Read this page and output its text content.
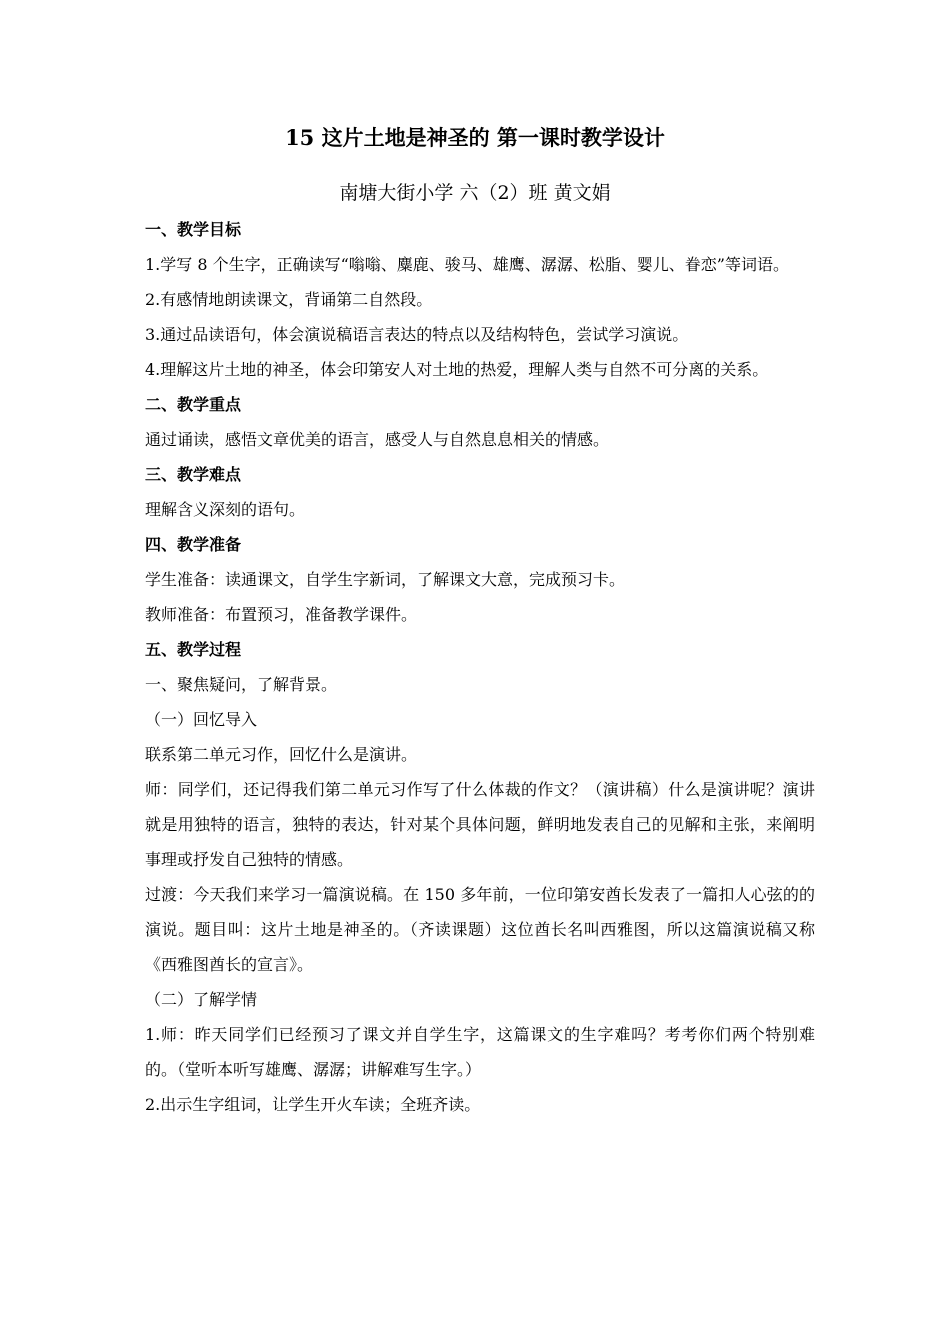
15 这片土地是神圣的 第一课时教学设计
南塘大街小学 六（2）班 黄文娟

一、教学目标

1.学写 8 个生字，正确读写“嗡嗡、麋鹿、骏马、雄鹰、潺潺、松脂、婴儿、眷恋”等词语。

2.有感情地朗读课文，背诵第二自然段。

3.通过品读语句，体会演说稿语言表达的特点以及结构特色，尝试学习演说。

4.理解这片土地的神圣，体会印第安人对土地的热爱，理解人类与自然不可分离的关系。

二、教学重点

通过诵读，感悟文章优美的语言，感受人与自然息息相关的情感。

三、教学难点

理解含义深刻的语句。

四、教学准备

学生准备：读通课文，自学生字新词，了解课文大意，完成预习卡。

教师准备：布置预习，准备教学课件。

五、教学过程

一、聚焦疑问，了解背景。

（一）回忆导入

联系第二单元习作，回忆什么是演讲。

师：同学们，还记得我们第二单元习作写了什么体裁的作文？（演讲稿）什么是演讲呢？演讲就是用独特的语言，独特的表达，针对某个具体问题，鲜明地发表自己的见解和主张，来阐明事理或抒发自己独特的情感。

过渡：今天我们来学习一篇演说稿。在 150 多年前，一位印第安酋长发表了一篇扣人心弦的的演说。题目叫：这片土地是神圣的。（齐读课题）这位酋长名叫西雅图，所以这篇演说稿又称《西雅图酋长的宣言》。

（二）了解学情

1.师：昨天同学们已经预习了课文并自学生字，这篇课文的生字难吗？考考你们两个特别难的。（堂听本听写雄鹰、潺潺；讲解难写生字。）

2.出示生字组词，让学生开火车读；全班齐读。
